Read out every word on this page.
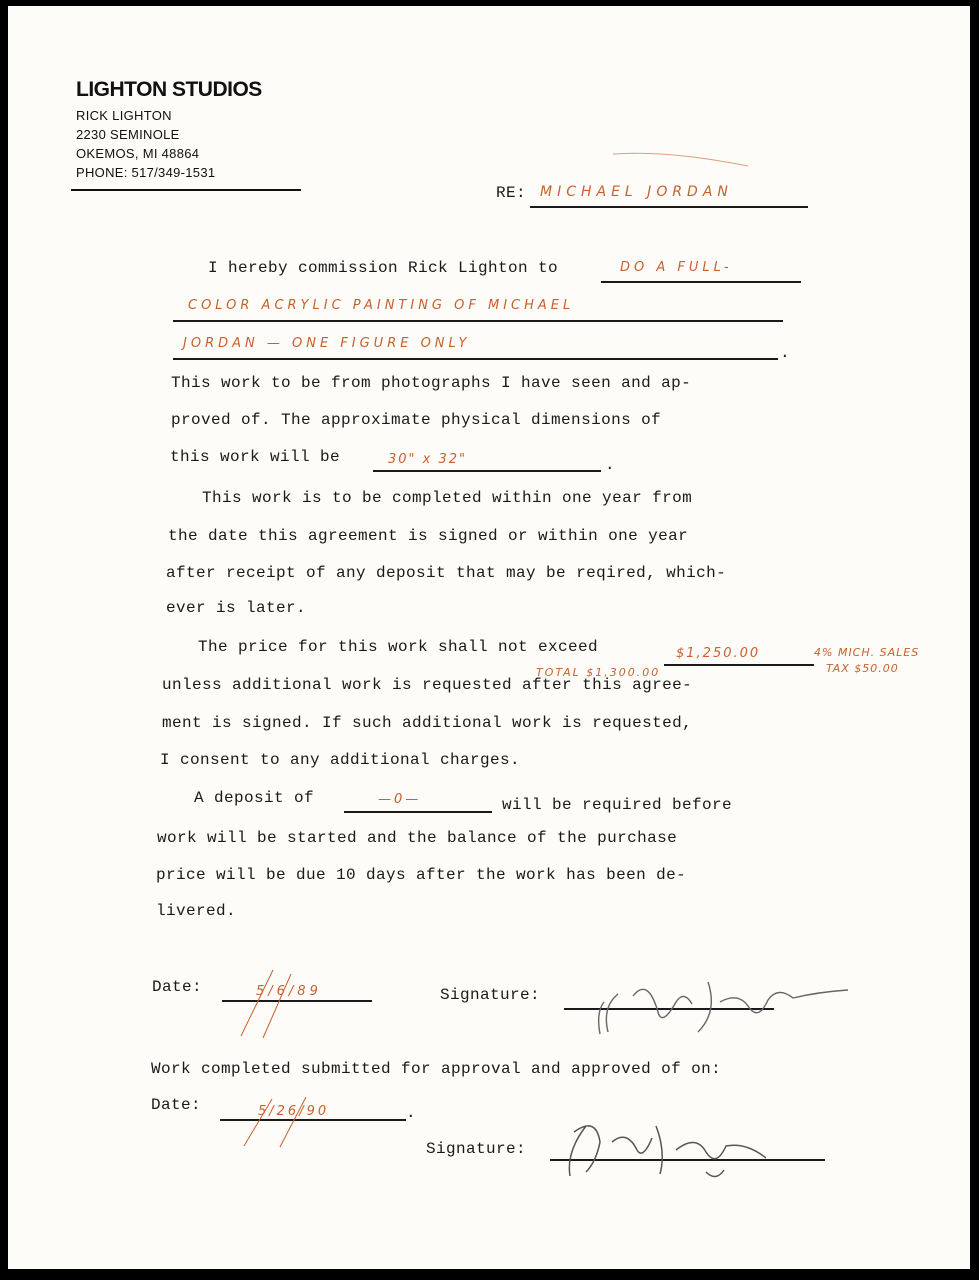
LIGHTON STUDIOS
RICK LIGHTON
2230 SEMINOLE
OKEMOS, MI 48864
PHONE: 517/349-1531
RE: MICHAEL JORDAN
I hereby commission Rick Lighton to	DO A FULL-
COLOR ACRYLIC PAINTING OF MICHAEL
JORDAN — ONE FIGURE ONLY
.
This work to be from photographs I have seen and ap-
proved of. The approximate physical dimensions of
this work will be	30" x 32"	.
This work is to be completed within one year from
the date this agreement is signed or within one year
after receipt of any deposit that may be reqired, which-
ever is later.
The price for this work shall not exceed	$1,250.00	4% MICH. SALES
TAX $50.00
TOTAL $1,300.00
unless additional work is requested after this agree-
ment is signed. If such additional work is requested,
I consent to any additional charges.
A deposit of	—0—	will be required before
work will be started and the balance of the purchase
price will be due 10 days after the work has been de-
livered.
Date:	5/6/89	Signature:
Work completed submitted for approval and approved of on:
Date:	5/26/90	.
Signature:
